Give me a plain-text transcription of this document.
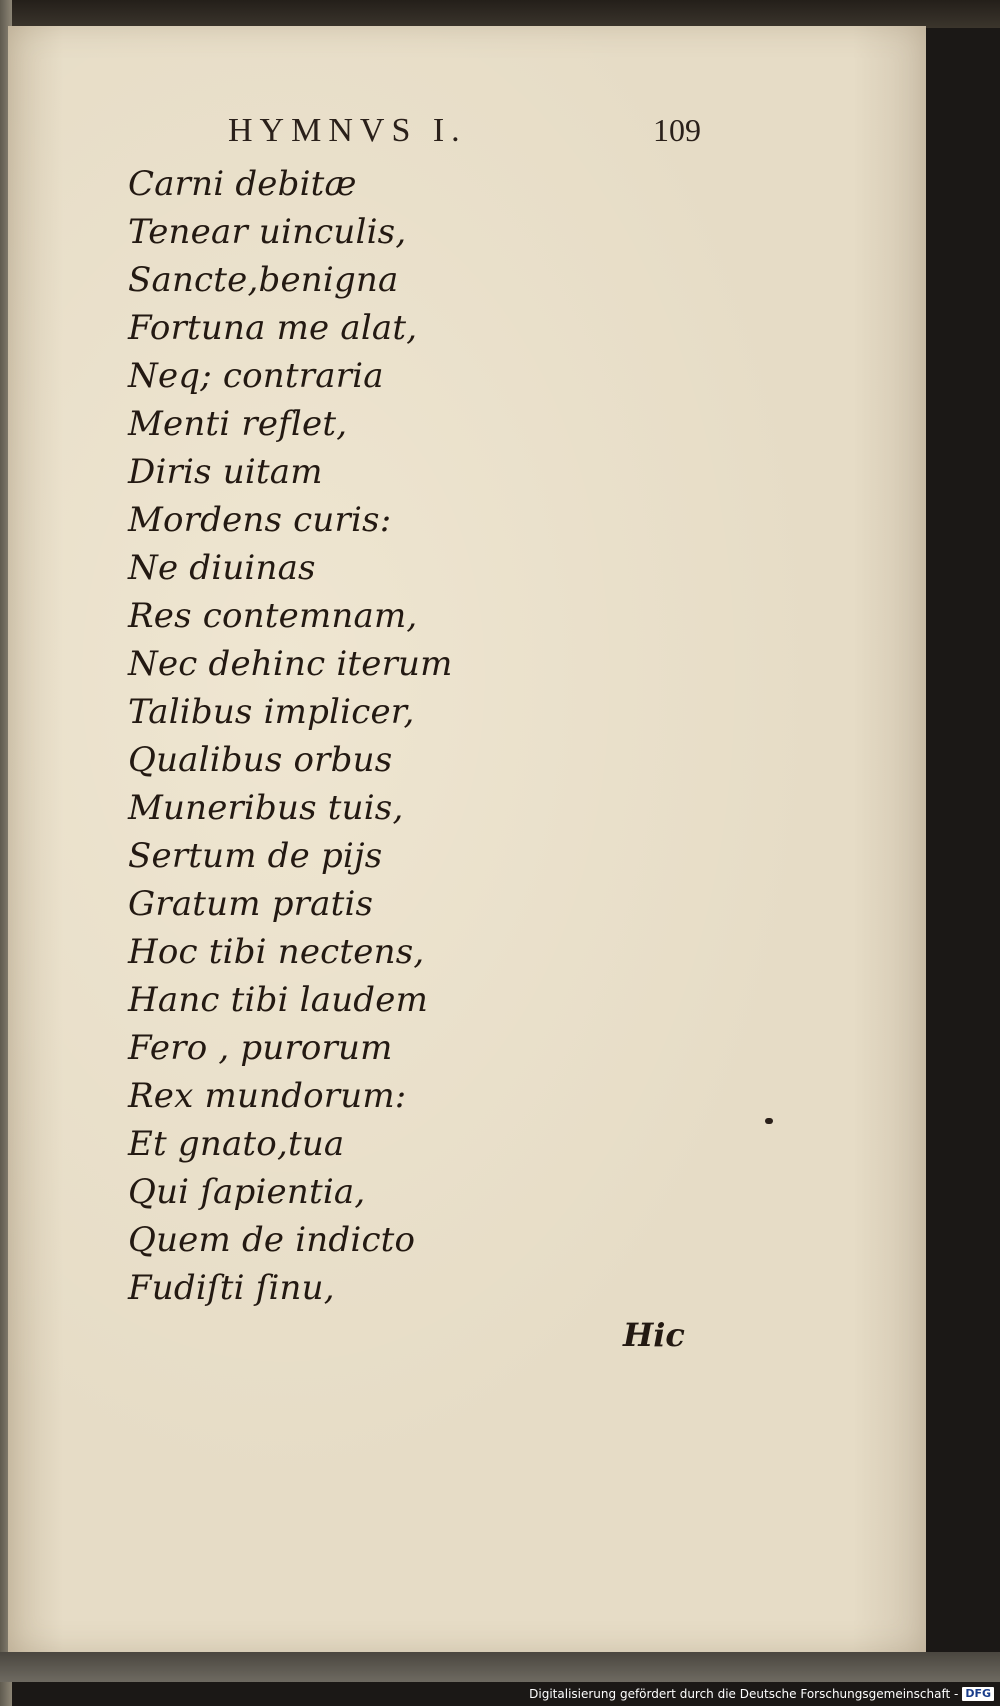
HYMNVS I.	109
Carni debitæ
Tenear uinculis,
Sancte,benigna
Fortuna me alat,
Neq; contraria
Menti reflet,
Diris uitam
Mordens curis:
Ne diuinas
Res contemnam,
Nec dehinc iterum
Talibus implicer,
Qualibus orbus
Muneribus tuis,
Sertum de pijs
Gratum pratis
Hoc tibi nectens,
Hanc tibi laudem
Fero , purorum
Rex mundorum:
Et gnato,tua
Qui ſapientia,
Quem de indicto
Fudiſti ſinu,
Hic
Digitalisierung gefördert durch die Deutsche Forschungsgemeinschaft - DFG
